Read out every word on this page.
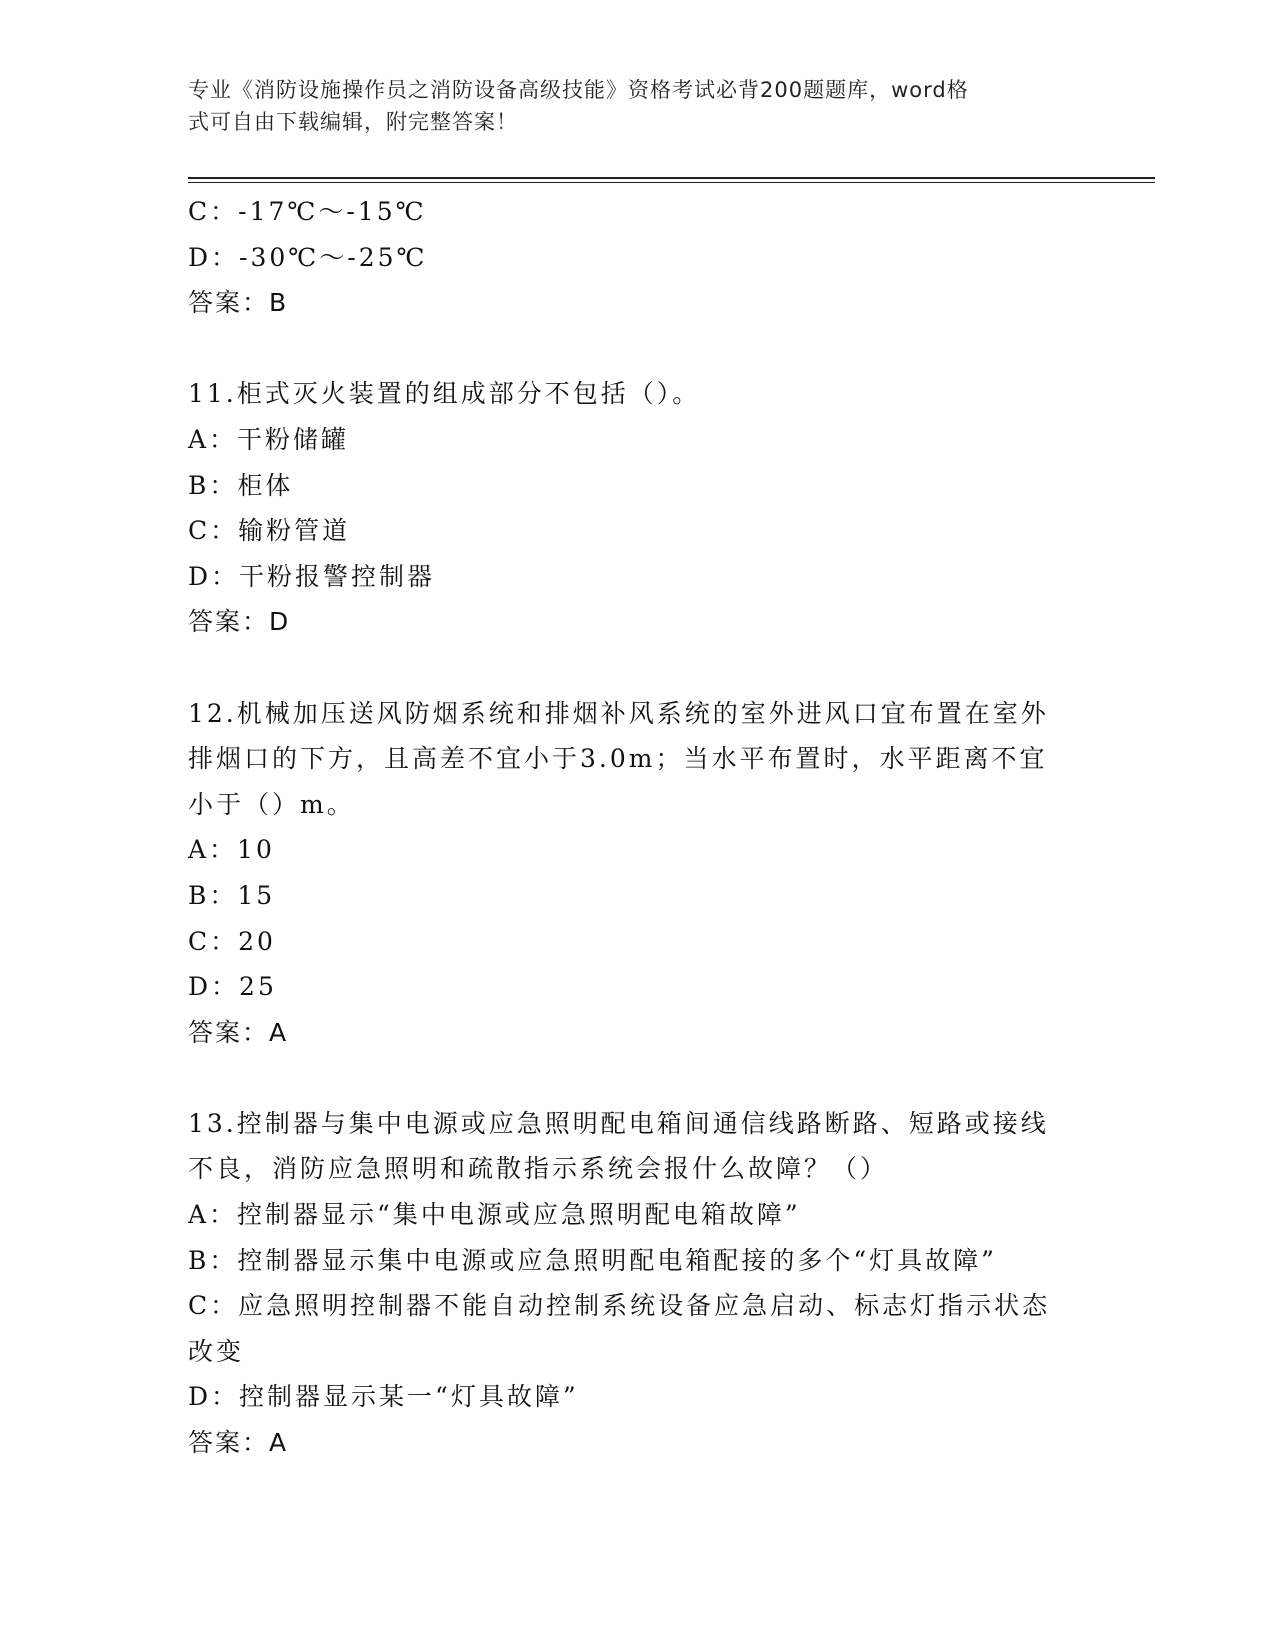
专业《消防设施操作员之消防设备高级技能》资格考试必背200题题库，word格
式可自由下载编辑，附完整答案！
C：-17℃～-15℃
D：-30℃～-25℃
答案：B
11.柜式灭火装置的组成部分不包括（）。
A：干粉储罐
B：柜体
C：输粉管道
D：干粉报警控制器
答案：D
12.机械加压送风防烟系统和排烟补风系统的室外进风口宜布置在室外
排烟口的下方，且高差不宜小于3.0m；当水平布置时，水平距离不宜
小于（）m。
A：10
B：15
C：20
D：25
答案：A
13.控制器与集中电源或应急照明配电箱间通信线路断路、短路或接线
不良，消防应急照明和疏散指示系统会报什么故障？（）
A：控制器显示“集中电源或应急照明配电箱故障”
B：控制器显示集中电源或应急照明配电箱配接的多个“灯具故障”
C：应急照明控制器不能自动控制系统设备应急启动、标志灯指示状态
改变
D：控制器显示某一“灯具故障”
答案：A
